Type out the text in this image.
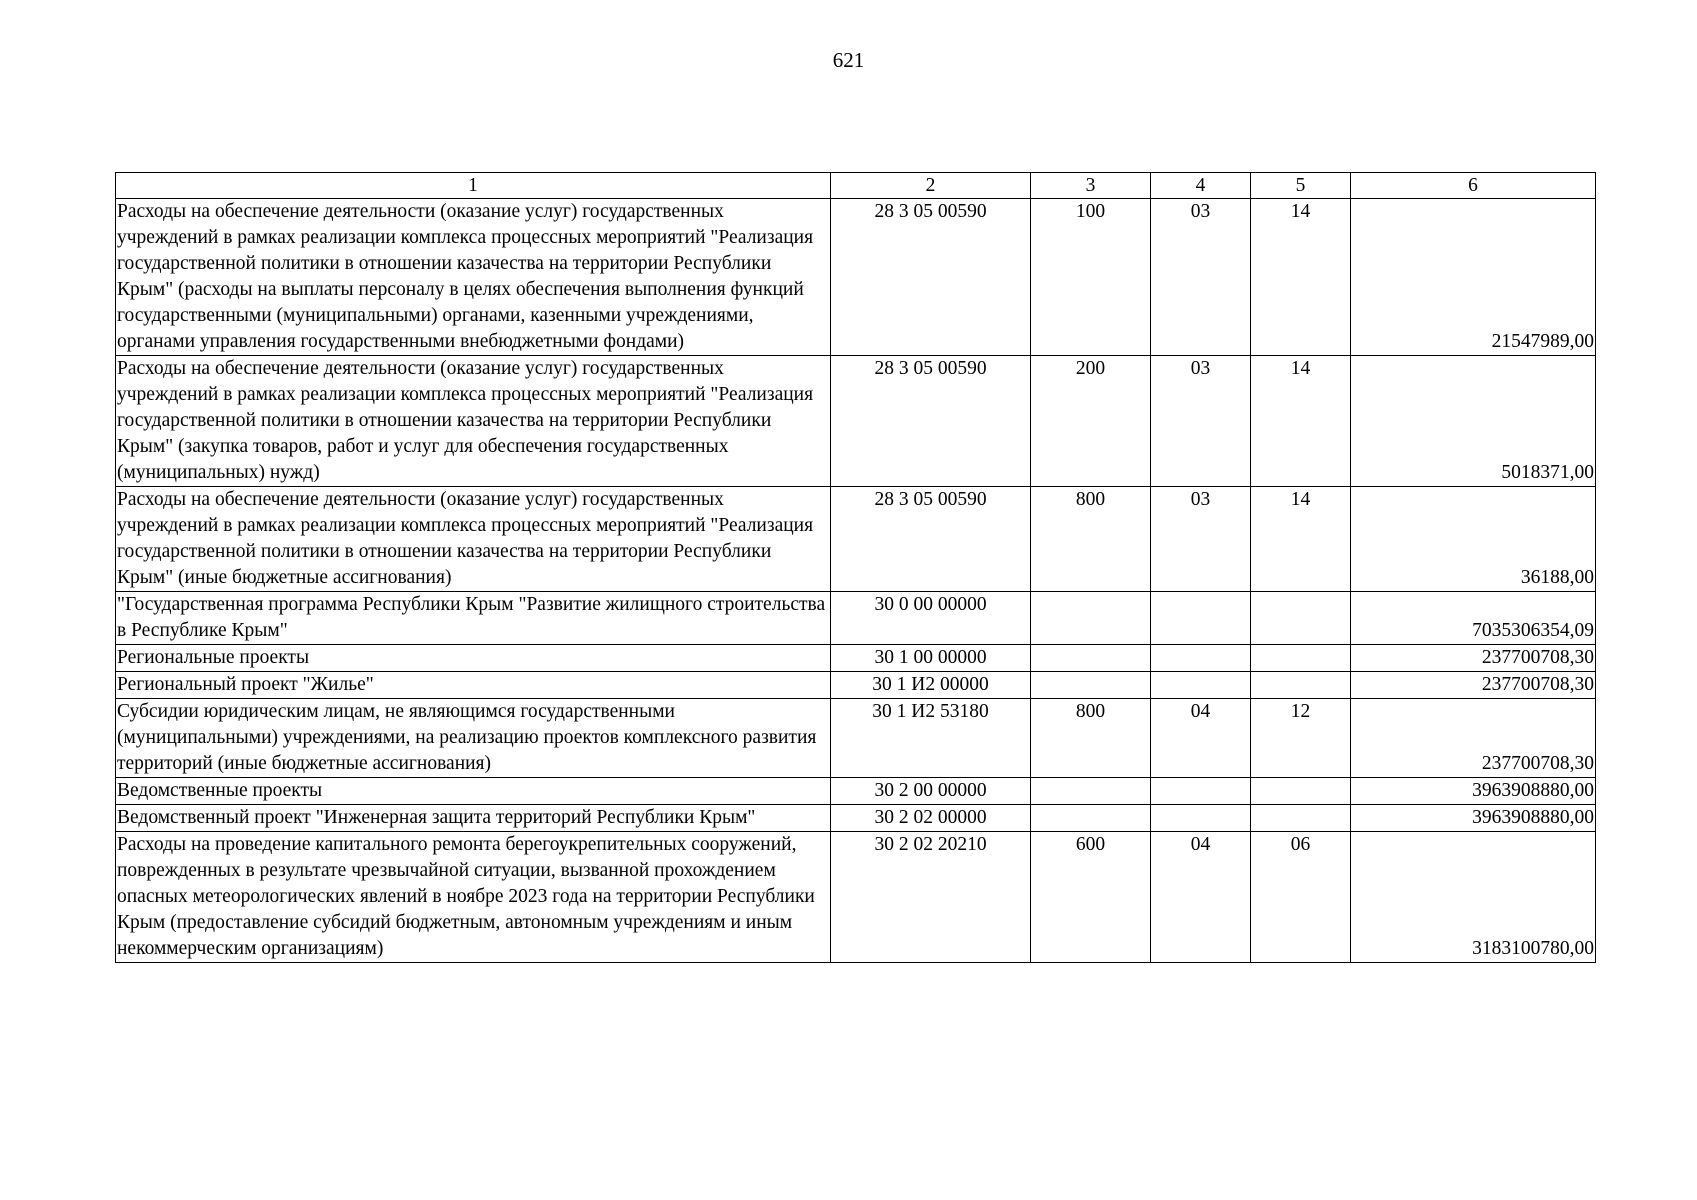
621
1	2	3	4	5	6
Расходы на обеспечение деятельности (оказание услуг) государственных учреждений в рамках реализации комплекса процессных мероприятий "Реализация государственной политики в отношении казачества на территории Республики Крым" (расходы на выплаты персоналу в целях обеспечения выполнения функций государственными (муниципальными) органами, казенными учреждениями, органами управления государственными внебюджетными фондами)	28 3 05 00590	100	03	14	21547989,00
Расходы на обеспечение деятельности (оказание услуг) государственных учреждений в рамках реализации комплекса процессных мероприятий "Реализация государственной политики в отношении казачества на территории Республики Крым" (закупка товаров, работ и услуг для обеспечения государственных (муниципальных) нужд)	28 3 05 00590	200	03	14	5018371,00
Расходы на обеспечение деятельности (оказание услуг) государственных учреждений в рамках реализации комплекса процессных мероприятий "Реализация государственной политики в отношении казачества на территории Республики Крым" (иные бюджетные ассигнования)	28 3 05 00590	800	03	14	36188,00
"Государственная программа Республики Крым "Развитие жилищного строительства в Республике Крым"	30 0 00 00000				7035306354,09
Региональные проекты	30 1 00 00000				237700708,30
Региональный проект "Жилье"	30 1 И2 00000				237700708,30
Субсидии юридическим лицам, не являющимся государственными (муниципальными) учреждениями, на реализацию проектов комплексного развития территорий (иные бюджетные ассигнования)	30 1 И2 53180	800	04	12	237700708,30
Ведомственные проекты	30 2 00 00000				3963908880,00
Ведомственный проект "Инженерная защита территорий Республики Крым"	30 2 02 00000				3963908880,00
Расходы на проведение капитального ремонта берегоукрепительных сооружений, поврежденных в результате чрезвычайной ситуации, вызванной прохождением опасных метеорологических явлений в ноябре 2023 года на территории Республики Крым (предоставление субсидий бюджетным, автономным учреждениям и иным некоммерческим организациям)	30 2 02 20210	600	04	06	3183100780,00
